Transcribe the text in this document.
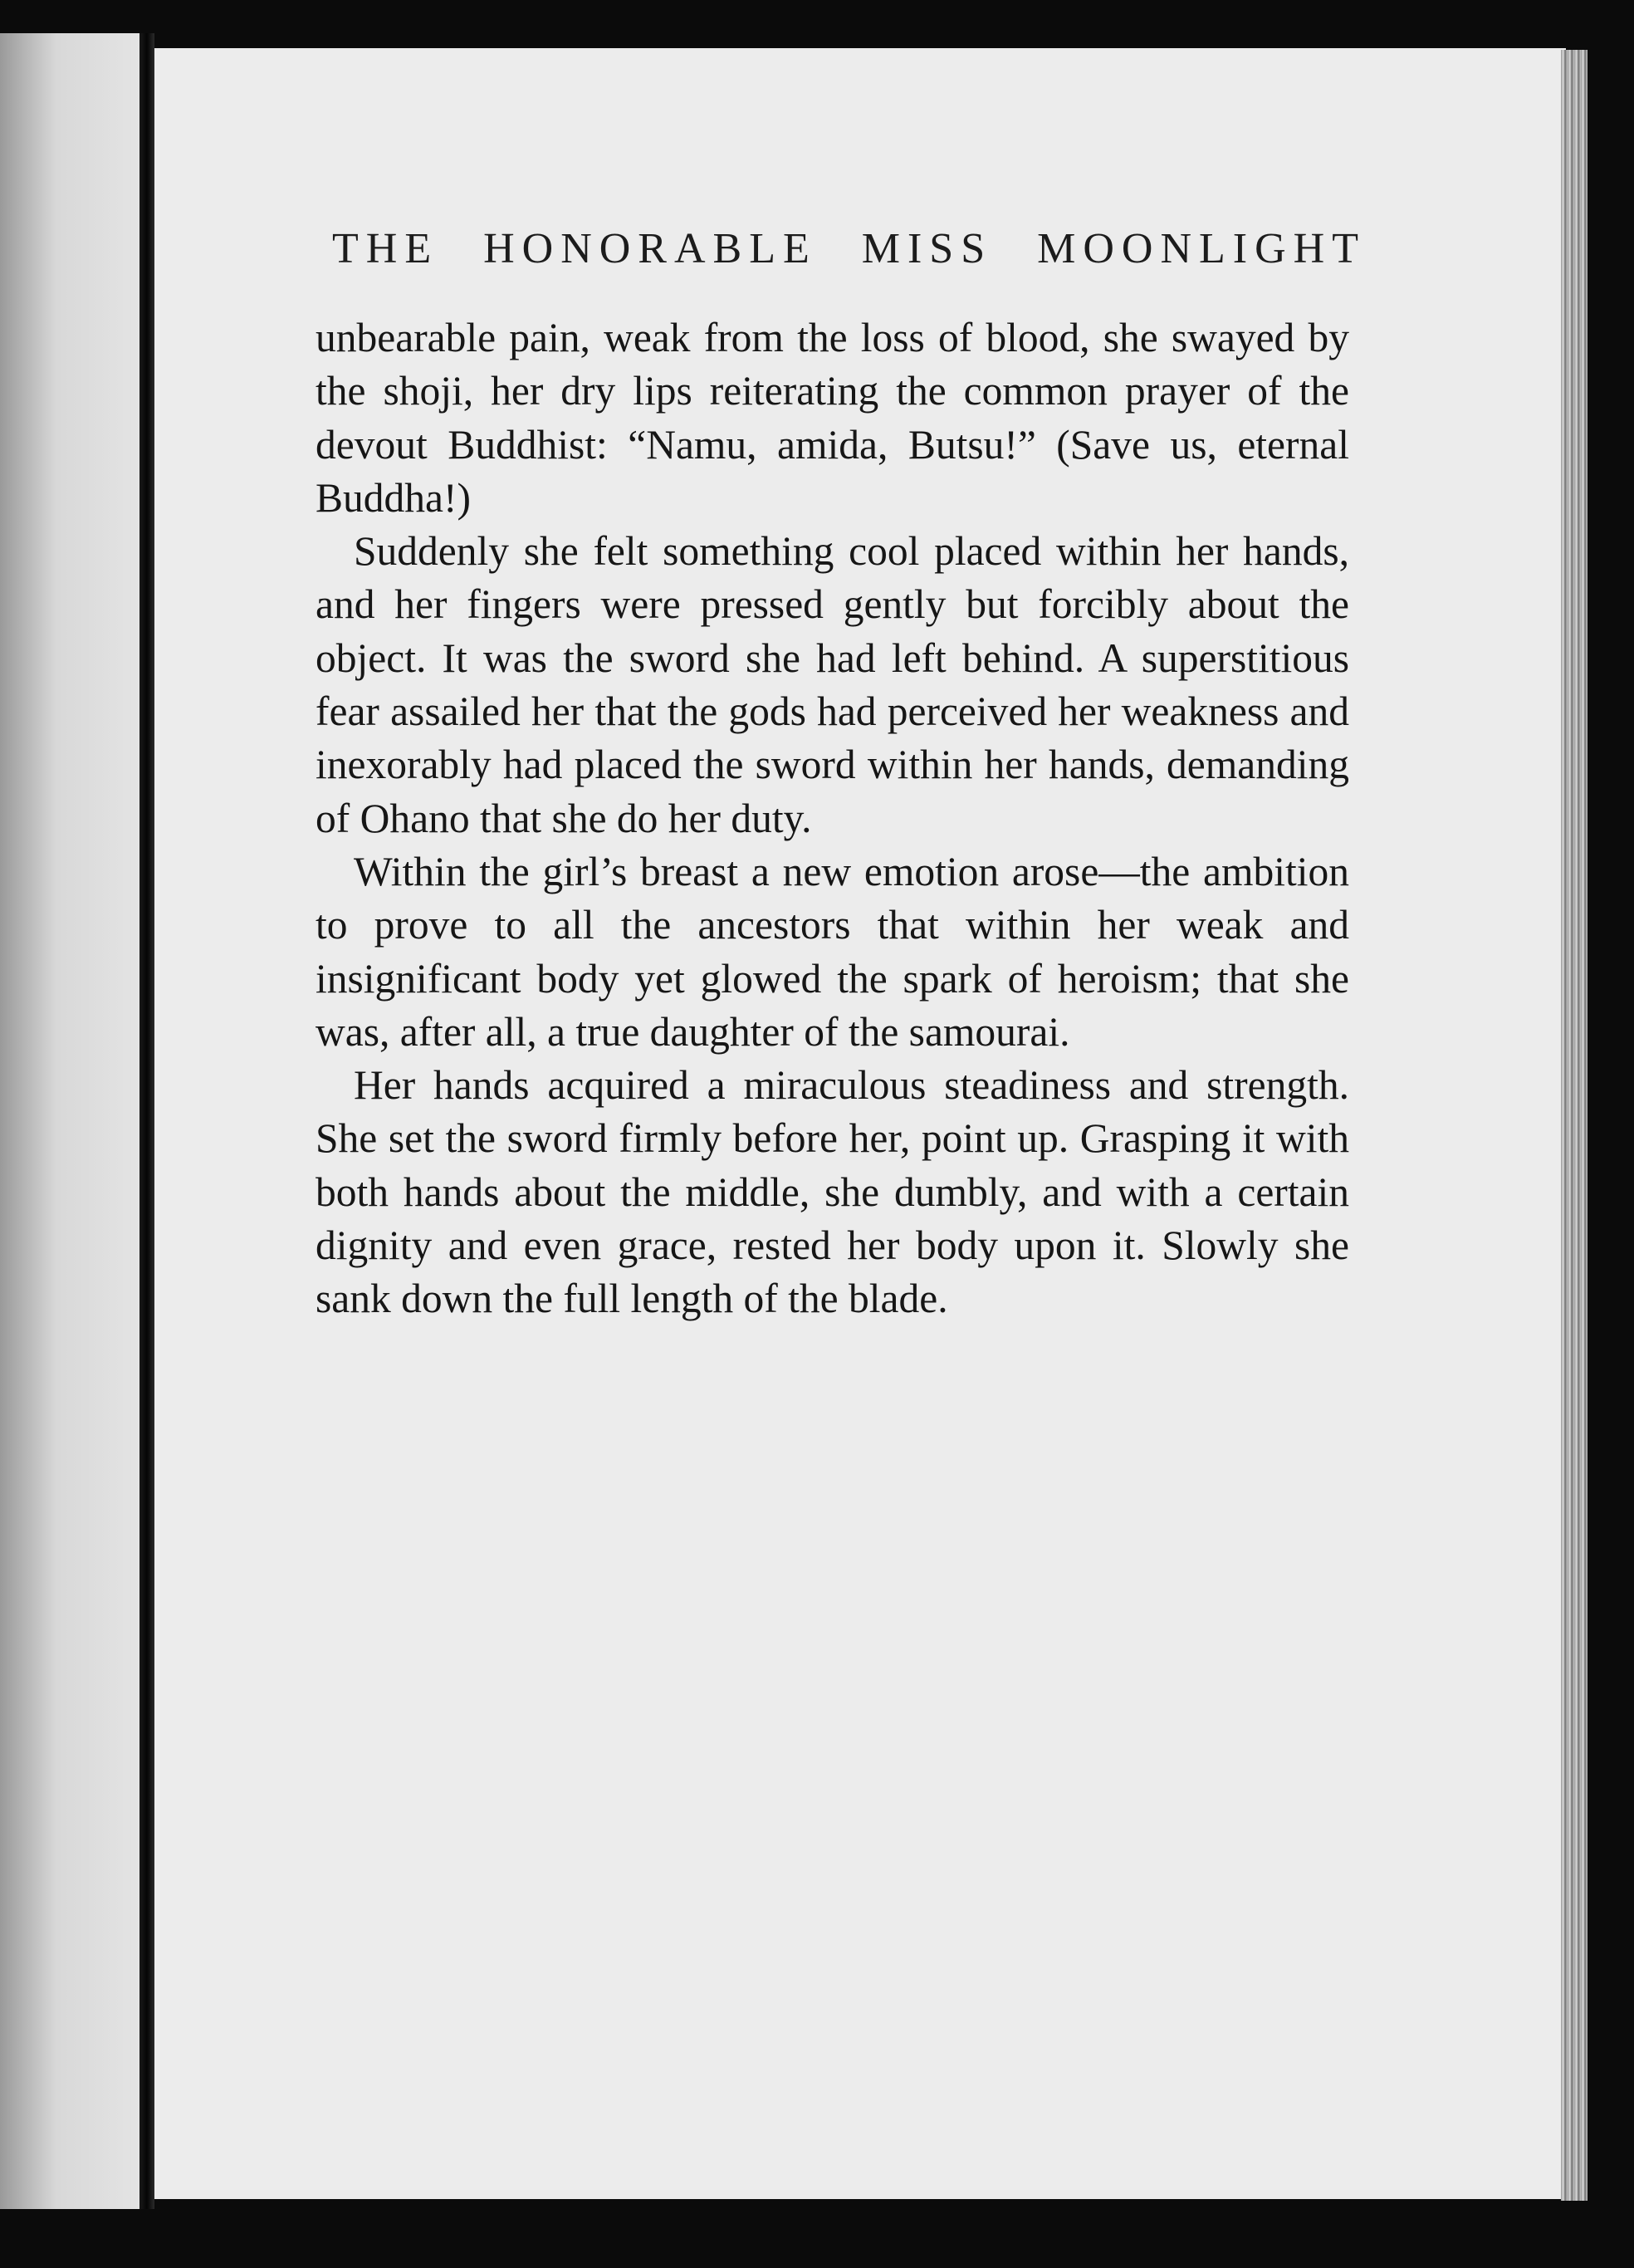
THE HONORABLE MISS MOONLIGHT

unbearable pain, weak from the loss of blood, she swayed by the shoji, her dry lips reiterating the common prayer of the devout Buddhist: “Namu, amida, Butsu!” (Save us, eternal Buddha!)

Suddenly she felt something cool placed within her hands, and her fingers were pressed gently but forcibly about the object. It was the sword she had left behind. A superstitious fear assailed her that the gods had perceived her weakness and inexorably had placed the sword within her hands, demanding of Ohano that she do her duty.

Within the girl’s breast a new emotion arose—the ambition to prove to all the ancestors that within her weak and insignificant body yet glowed the spark of heroism; that she was, after all, a true daughter of the samourai.

Her hands acquired a miraculous steadiness and strength. She set the sword firmly before her, point up. Grasping it with both hands about the middle, she dumbly, and with a certain dignity and even grace, rested her body upon it. Slowly she sank down the full length of the blade.
